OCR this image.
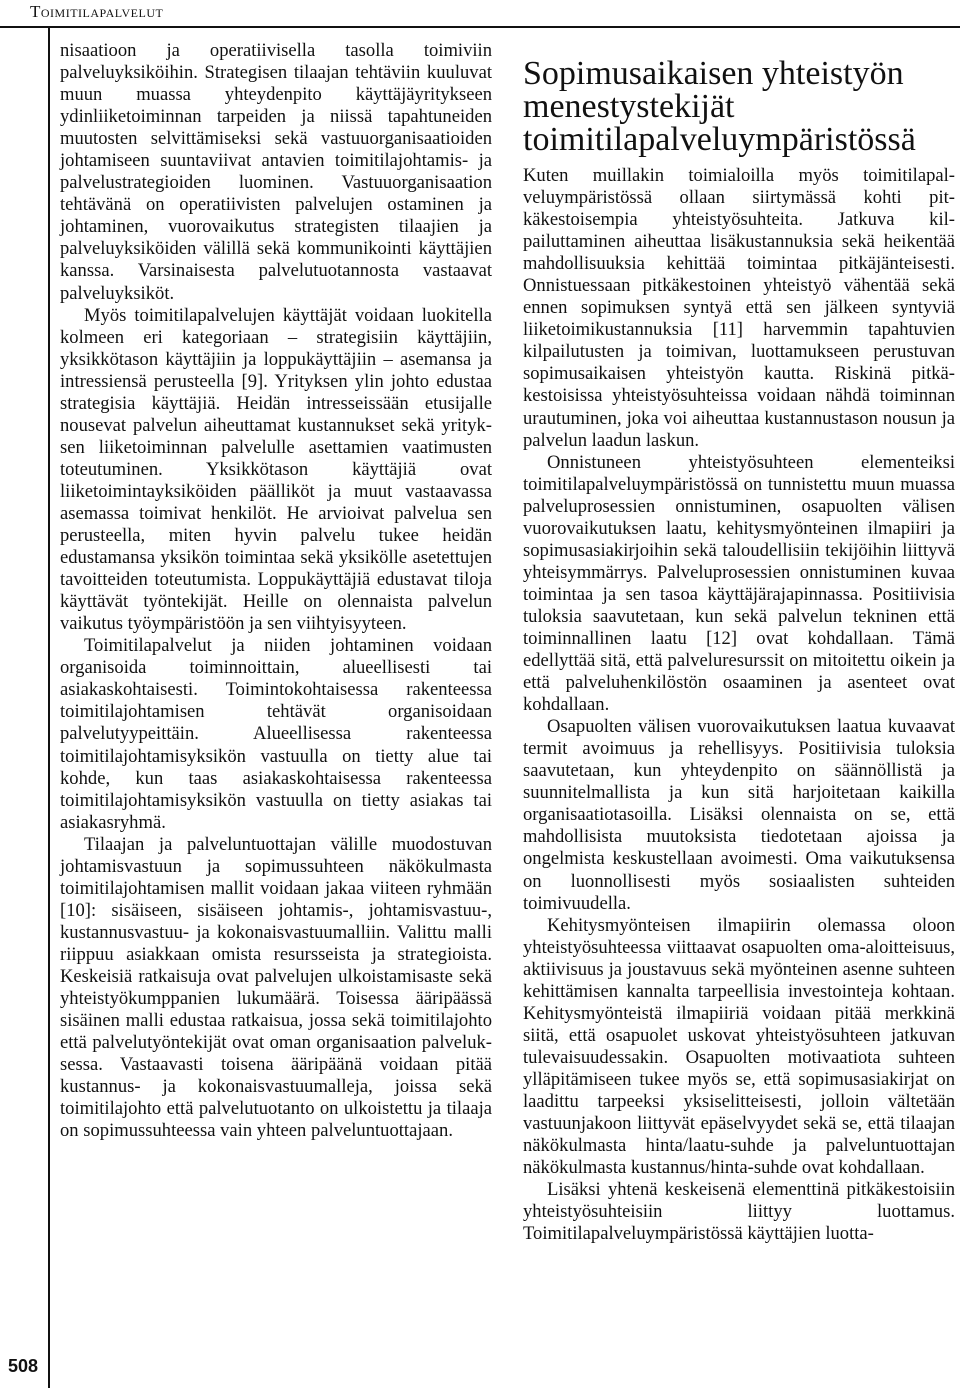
Toimitilapalvelut
508

nisaatioon ja operatiivisella tasolla toimiviin palveluyksiköihin. Strategisen tilaajan tehtäviin kuuluvat muun muassa yhteydenpito käyttäjäyritykseen ydinliiketoiminnan tarpeiden ja niissä tapahtuneiden muutosten selvittämiseksi sekä vastuuorganisaatioiden johtamiseen suuntaviivat antavien toimitilajohtamis- ja palvelustrategioiden luominen. Vastuuorganisaation tehtävänä on operatiivisten palvelujen ostaminen ja johtaminen, vuorovaikutus strategisten tilaajien ja palveluyksiköiden välillä sekä kommunikointi käyttäjien kanssa. Varsinaisesta palvelutuotannosta vastaavat palveluyksiköt.

Myös toimitilapalvelujen käyttäjät voidaan luokitella kolmeen eri kategoriaan – strategisiin käyttäjiin, yksikkötason käyttäjiin ja loppukäyttäjiin – asemansa ja intressiensä perusteella [9]. Yrityksen ylin johto edustaa strategisia käyttäjiä. Heidän intresseissään etusijalle nousevat palvelun aiheuttamat kustannukset sekä yrityksen liiketoiminnan palvelulle asettamien vaatimusten toteutuminen. Yksikkötason käyttäjiä ovat liiketoimintayksiköiden päälliköt ja muut vastaavassa asemassa toimivat henkilöt. He arvioivat palvelua sen perusteella, miten hyvin palvelu tukee heidän edustamansa yksikön toimintaa sekä yksikölle asetettujen tavoitteiden toteutumista. Loppukäyttäjiä edustavat tiloja käyttävät työntekijät. Heille on olennaista palvelun vaikutus työympäristöön ja sen viihtyisyyteen.

Toimitilapalvelut ja niiden johtaminen voidaan organisoida toiminnoittain, alueellisesti tai asiakaskohtaisesti. Toimintokohtaisessa rakenteessa toimitilajohtamisen tehtävät organisoidaan palvelutyypeittäin. Alueellisessa rakenteessa toimitilajohtamisyksikön vastuulla on tietty alue tai kohde, kun taas asiakaskohtaisessa rakenteessa toimitilajohtamisyksikön vastuulla on tietty asiakas tai asiakasryhmä.

Tilaajan ja palveluntuottajan välille muodostuvan johtamisvastuun ja sopimussuhteen näkökulmasta toimitilajohtamisen mallit voidaan jakaa viiteen ryhmään [10]: sisäiseen, sisäiseen johtamis-, johtamisvastuu-, kustannusvastuu- ja kokonaisvastuumalliin. Valittu malli riippuu asiakkaan omista resursseista ja strategioista. Keskeisiä ratkaisuja ovat palvelujen ulkoistamisaste sekä yhteistyökumppanien lukumäärä. Toisessa ääripäässä sisäinen malli edustaa ratkaisua, jossa sekä toimitilajohto että palvelutyöntekijät ovat oman organisaation palveluksessa. Vastaavasti toisena ääripäänä voidaan pitää kustannus- ja kokonaisvastuumalleja, joissa sekä toimitilajohto että palvelutuotanto on ulkoistettu ja tilaaja on sopimussuhteessa vain yhteen palveluntuottajaan.

Sopimusaikaisen yhteistyön menestystekijät toimitilapalveluympäristössä

Kuten muillakin toimialoilla myös toimitilapalveluympäristössä ollaan siirtymässä kohti pitkäkestoisempia yhteistyösuhteita. Jatkuva kilpailuttaminen aiheuttaa lisäkustannuksia sekä heikentää mahdollisuuksia kehittää toimintaa pitkäjänteisesti. Onnistuessaan pitkäkestoinen yhteistyö vähentää sekä ennen sopimuksen syntyä että sen jälkeen syntyviä liiketoimikustannuksia [11] harvemmin tapahtuvien kilpailutusten ja toimivan, luottamukseen perustuvan sopimusaikaisen yhteistyön kautta. Riskinä pitkäkestoisissa yhteistyösuhteissa voidaan nähdä toiminnan urautuminen, joka voi aiheuttaa kustannustason nousun ja palvelun laadun laskun.

Onnistuneen yhteistyösuhteen elementeiksi toimitilapalveluympäristössä on tunnistettu muun muassa palveluprosessien onnistuminen, osapuolten välisen vuorovaikutuksen laatu, kehitysmyönteinen ilmapiiri ja sopimusasiakirjoihin sekä taloudellisiin tekijöihin liittyvä yhteisymmärrys. Palveluprosessien onnistuminen kuvaa toimintaa ja sen tasoa käyttäjärajapinnassa. Positiivisia tuloksia saavutetaan, kun sekä palvelun tekninen että toiminnallinen laatu [12] ovat kohdallaan. Tämä edellyttää sitä, että palveluresurssit on mitoitettu oikein ja että palveluhenkilöstön osaaminen ja asenteet ovat kohdallaan.

Osapuolten välisen vuorovaikutuksen laatua kuvaavat termit avoimuus ja rehellisyys. Positiivisia tuloksia saavutetaan, kun yhteydenpito on säännöllistä ja suunnitelmallista ja kun sitä harjoitetaan kaikilla organisaatiotasoilla. Lisäksi olennaista on se, että mahdollisista muutoksista tiedotetaan ajoissa ja ongelmista keskustellaan avoimesti. Oma vaikutuksensa on luonnollisesti myös sosiaalisten suhteiden toimivuudella.

Kehitysmyönteisen ilmapiirin olemassa oloon yhteistyösuhteessa viittaavat osapuolten oma-aloitteisuus, aktiivisuus ja joustavuus sekä myönteinen asenne suhteen kehittämisen kannalta tarpeellisia investointeja kohtaan. Kehitysmyönteistä ilmapiiriä voidaan pitää merkkinä siitä, että osapuolet uskovat yhteistyösuhteen jatkuvan tulevaisuudessakin. Osapuolten motivaatiota suhteen ylläpitämiseen tukee myös se, että sopimusasiakirjat on laadittu tarpeeksi yksiselitteisesti, jolloin vältetään vastuunjakoon liittyvät epäselvyydet sekä se, että tilaajan näkökulmasta hinta/laatu-suhde ja palveluntuottajan näkökulmasta kustannus/hinta-suhde ovat kohdallaan.

Lisäksi yhtenä keskeisenä elementtinä pitkäkestoisiin yhteistyösuhteisiin liittyy luottamus. Toimitilapalveluympäristössä käyttäjien luotta-
